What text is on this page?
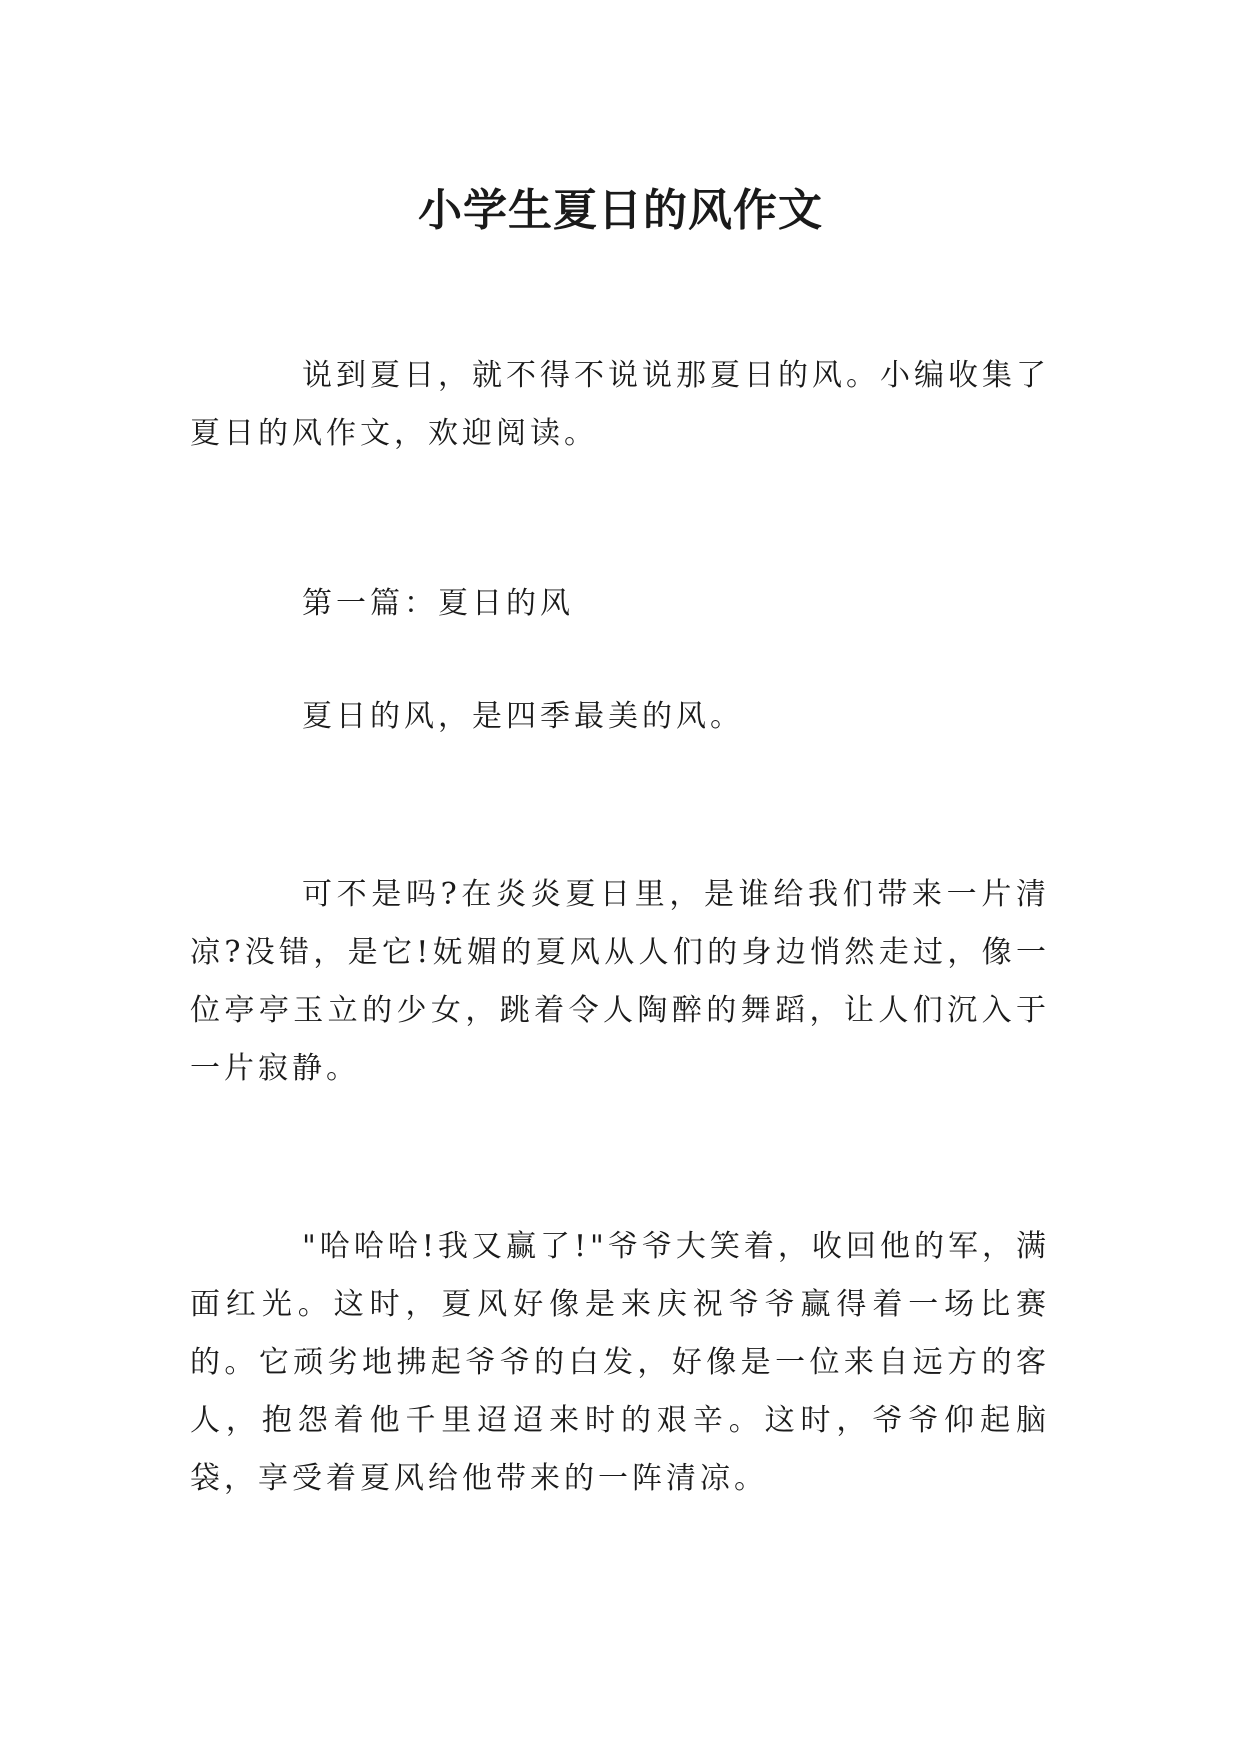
小学生夏日的风作文

说到夏日，就不得不说说那夏日的风。小编收集了夏日的风作文，欢迎阅读。

第一篇：夏日的风

夏日的风，是四季最美的风。

可不是吗?在炎炎夏日里，是谁给我们带来一片清凉?没错，是它!妩媚的夏风从人们的身边悄然走过，像一位亭亭玉立的少女，跳着令人陶醉的舞蹈，让人们沉入于一片寂静。

"哈哈哈!我又赢了!"爷爷大笑着，收回他的军，满面红光。这时，夏风好像是来庆祝爷爷赢得着一场比赛的。它顽劣地拂起爷爷的白发，好像是一位来自远方的客人，抱怨着他千里迢迢来时的艰辛。这时，爷爷仰起脑袋，享受着夏风给他带来的一阵清凉。
